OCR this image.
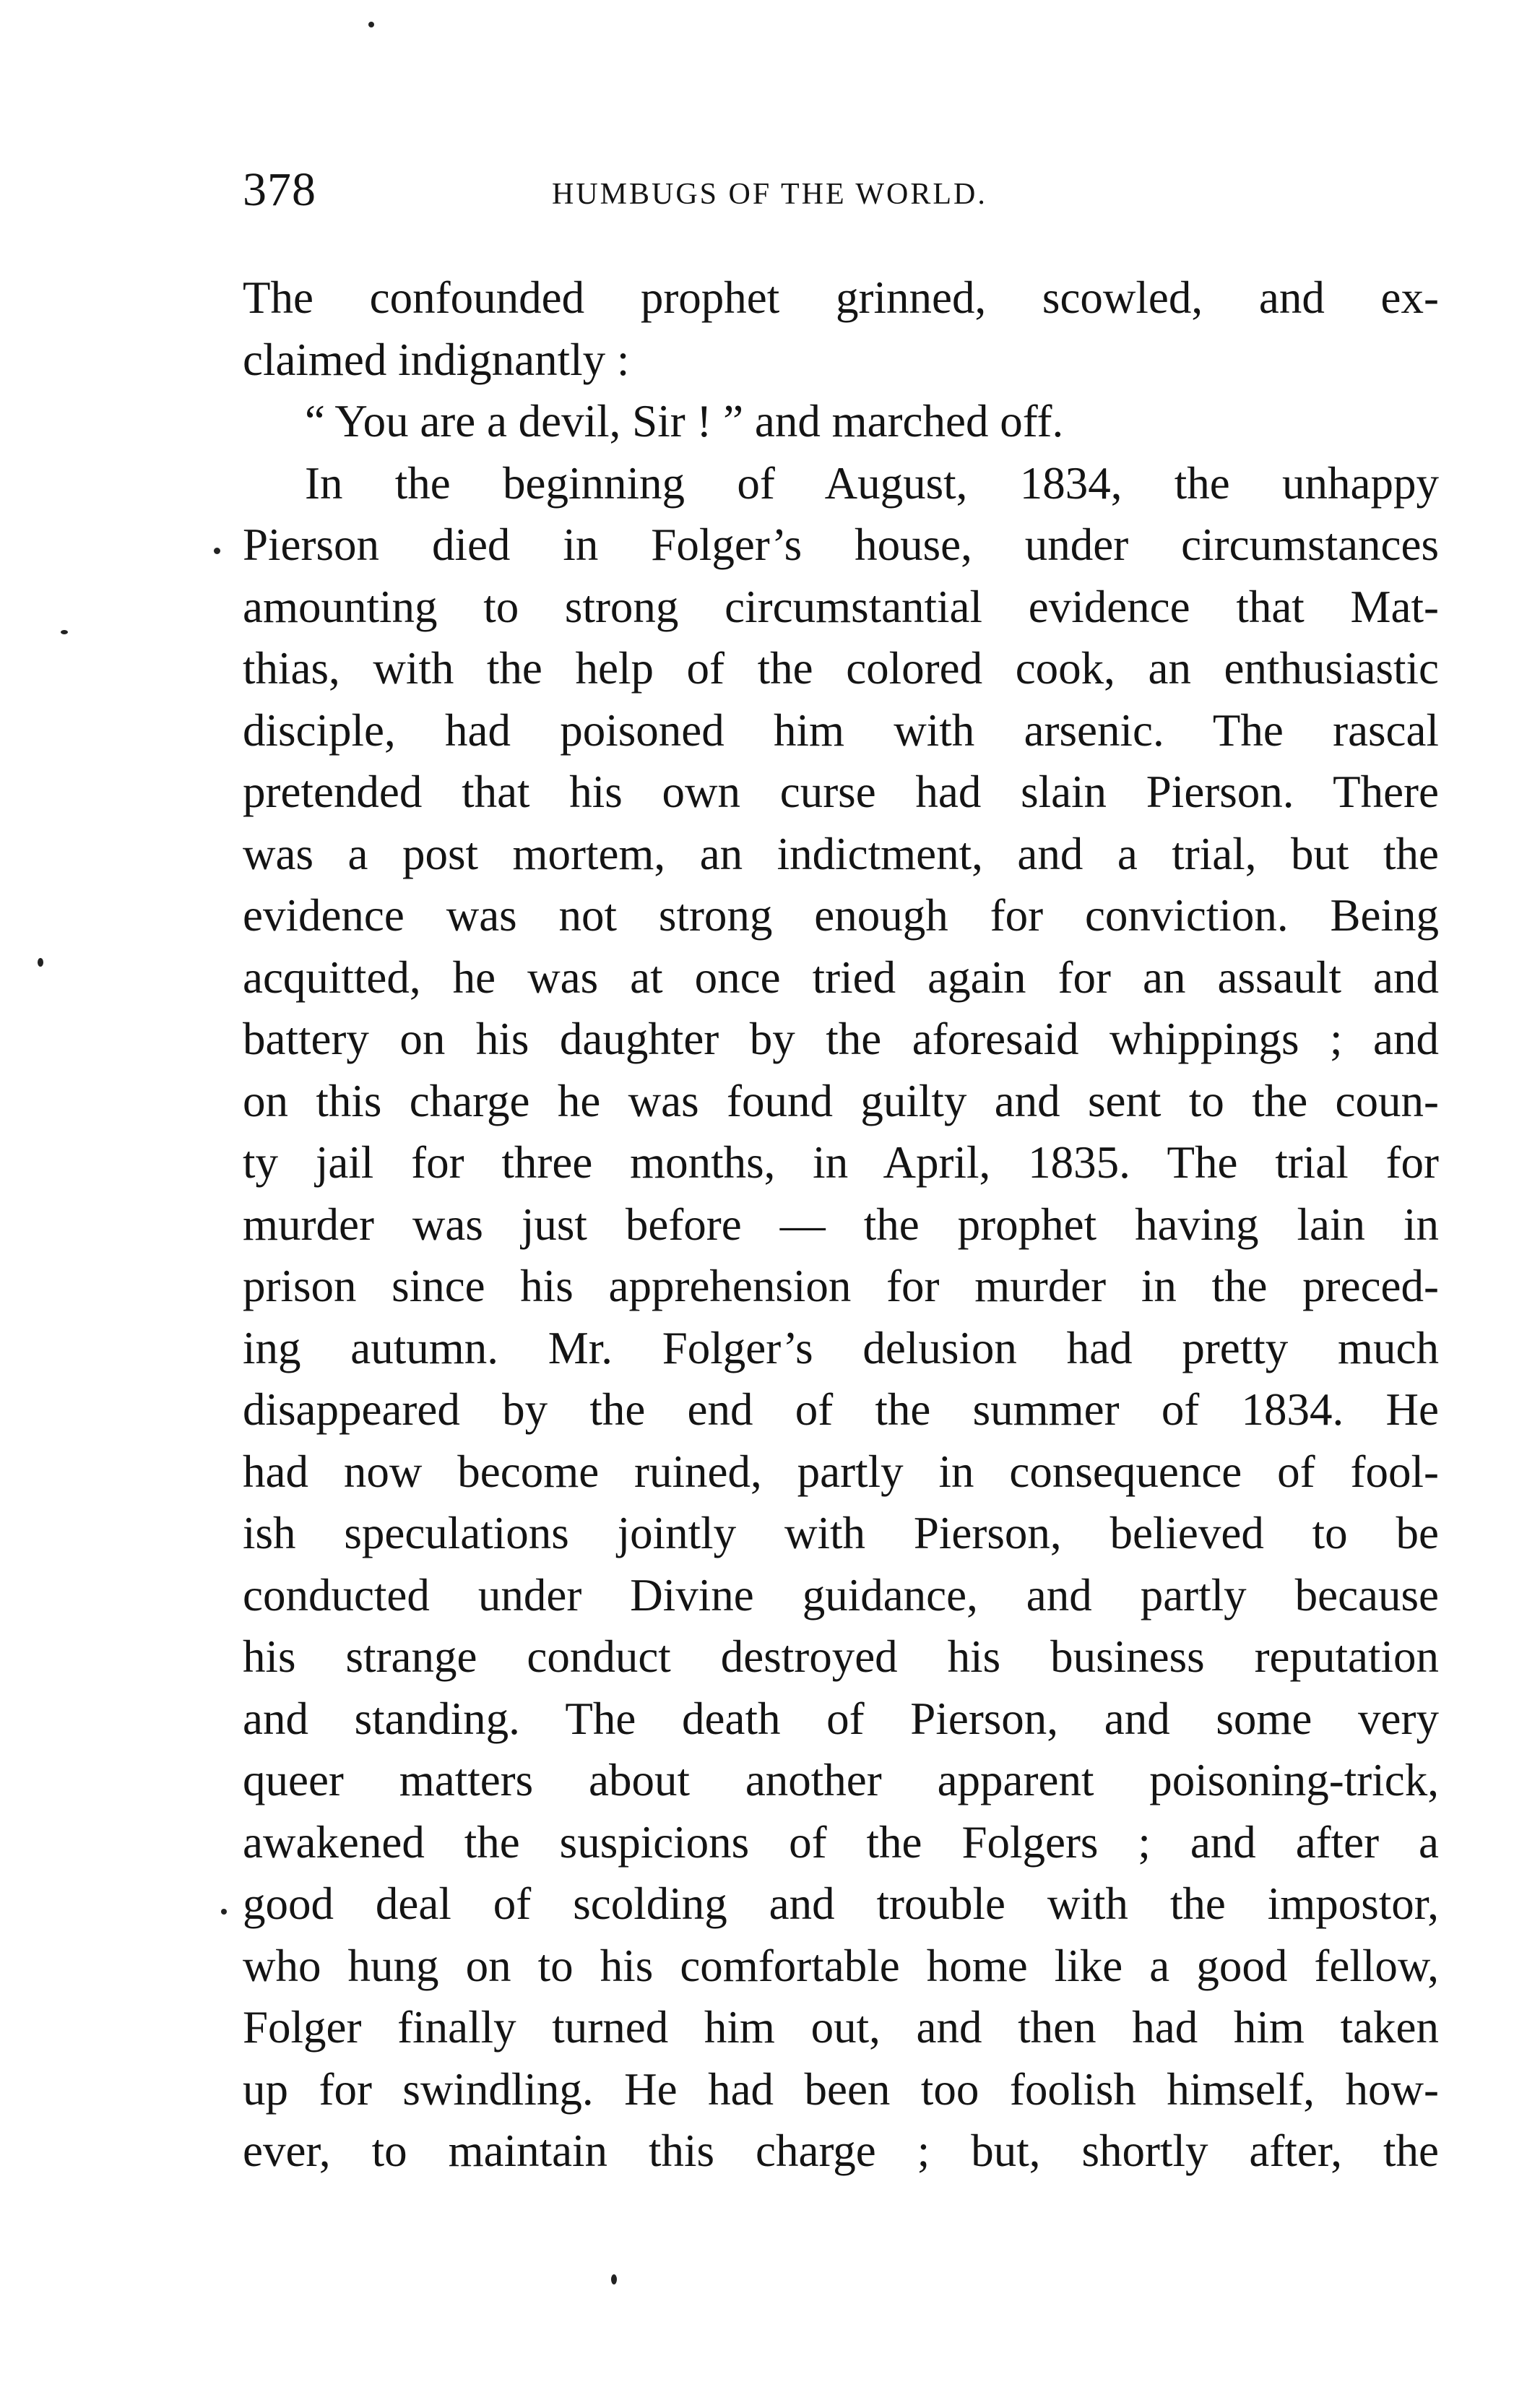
378	HUMBUGS OF THE WORLD.
The confounded prophet grinned, scowled, and ex-
claimed indignantly :
“ You are a devil, Sir ! ” and marched off.
In the beginning of August, 1834, the unhappy
Pierson died in Folger’s house, under circumstances
amounting to strong circumstantial evidence that Mat-
thias, with the help of the colored cook, an enthusiastic
disciple, had poisoned him with arsenic. The rascal
pretended that his own curse had slain Pierson. There
was a post mortem, an indictment, and a trial, but the
evidence was not strong enough for conviction. Being
acquitted, he was at once tried again for an assault and
battery on his daughter by the aforesaid whippings ; and
on this charge he was found guilty and sent to the coun-
ty jail for three months, in April, 1835. The trial for
murder was just before — the prophet having lain in
prison since his apprehension for murder in the preced-
ing autumn. Mr. Folger’s delusion had pretty much
disappeared by the end of the summer of 1834. He
had now become ruined, partly in consequence of fool-
ish speculations jointly with Pierson, believed to be
conducted under Divine guidance, and partly because
his strange conduct destroyed his business reputation
and standing. The death of Pierson, and some very
queer matters about another apparent poisoning-trick,
awakened the suspicions of the Folgers ; and after a
good deal of scolding and trouble with the impostor,
who hung on to his comfortable home like a good fellow,
Folger finally turned him out, and then had him taken
up for swindling. He had been too foolish himself, how-
ever, to maintain this charge ; but, shortly after, the
